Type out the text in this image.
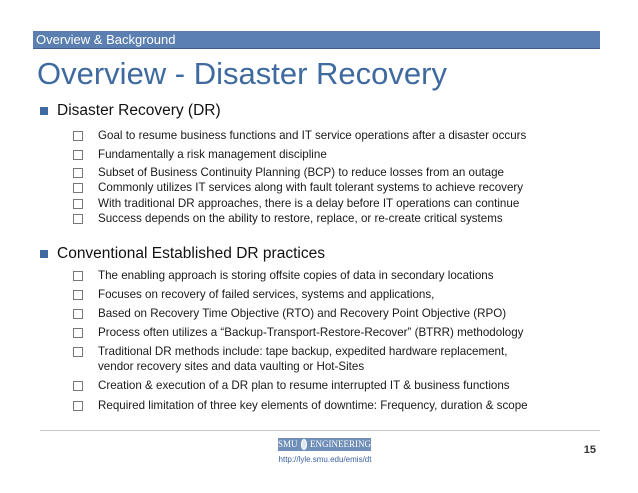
Overview & Background
Overview - Disaster Recovery
Disaster Recovery (DR)
Goal to resume business functions and IT service operations after a disaster occurs
Fundamentally a risk management discipline
Subset of Business Continuity Planning (BCP) to reduce losses from an outage
Commonly utilizes IT services along with fault tolerant systems to achieve recovery
With traditional DR approaches, there is a delay before IT operations can continue
Success depends on the ability to restore, replace, or re-create critical systems
Conventional Established DR practices
The enabling approach is storing offsite copies of data in secondary locations
Focuses on recovery of failed services, systems and applications,
Based on Recovery Time Objective (RTO) and Recovery Point Objective (RPO)
Process often utilizes a “Backup-Transport-Restore-Recover” (BTRR) methodology
Traditional DR methods include: tape backup, expedited hardware replacement,
vendor recovery sites and data vaulting or Hot-Sites
Creation & execution of a DR plan to resume interrupted IT & business functions
Required limitation of three key elements of downtime: Frequency, duration & scope
SMU ENGINEERING
http://lyle.smu.edu/emis/dt
15
